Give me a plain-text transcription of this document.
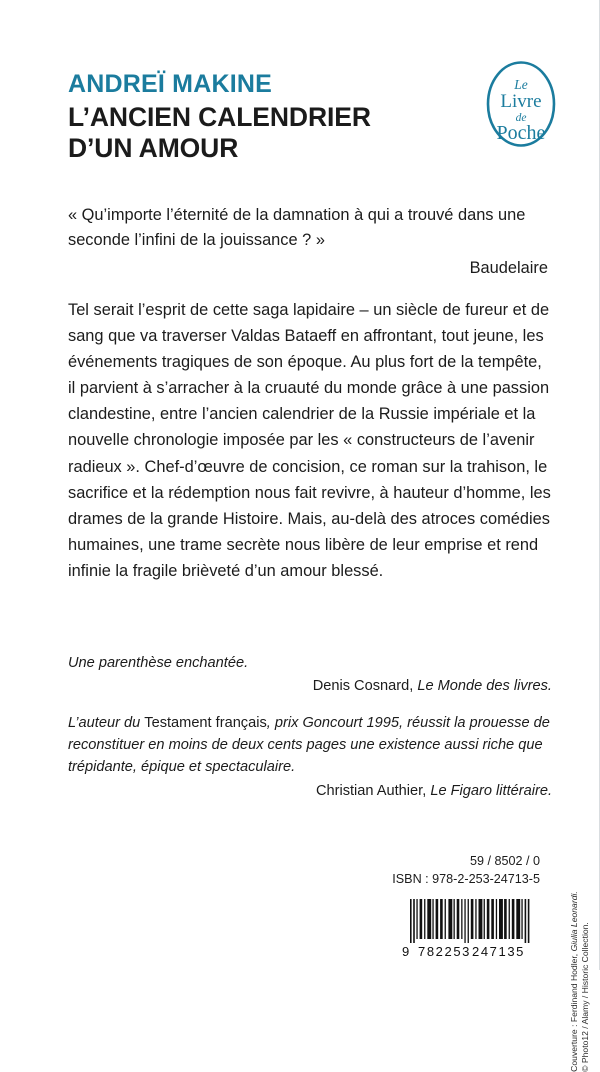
ANDREÏ MAKINE
L’ANCIEN CALENDRIER D’UN AMOUR
Le
Livre
de
Poche
« Qu’importe l’éternité de la damnation à qui a trouvé dans une seconde l’infini de la jouissance ? »
Baudelaire

Tel serait l’esprit de cette saga lapidaire – un siècle de fureur et de sang que va traverser Valdas Bataeff en affrontant, tout jeune, les événements tragiques de son époque. Au plus fort de la tempête, il parvient à s’arracher à la cruauté du monde grâce à une passion clandestine, entre l’ancien calendrier de la Russie impériale et la nouvelle chronologie imposée par les « constructeurs de l’avenir radieux ». Chef-d’œuvre de concision, ce roman sur la trahison, le sacrifice et la rédemption nous fait revivre, à hauteur d’homme, les drames de la grande Histoire. Mais, au-delà des atroces comédies humaines, une trame secrète nous libère de leur emprise et rend infinie la fragile brièveté d’un amour blessé.

Une parenthèse enchantée.
Denis Cosnard, Le Monde des livres.
L’auteur du Testament français, prix Goncourt 1995, réussit la prouesse de reconstituer en moins de deux cents pages une existence aussi riche que trépidante, épique et spectaculaire.
Christian Authier, Le Figaro littéraire.
Couverture : Ferdinand Hodler, Giulia Leonardi.
© Photo12 / Alamy / Historic Collection.
59 / 8502 / 0
ISBN : 978-2-253-24713-5
9 782253 247135
